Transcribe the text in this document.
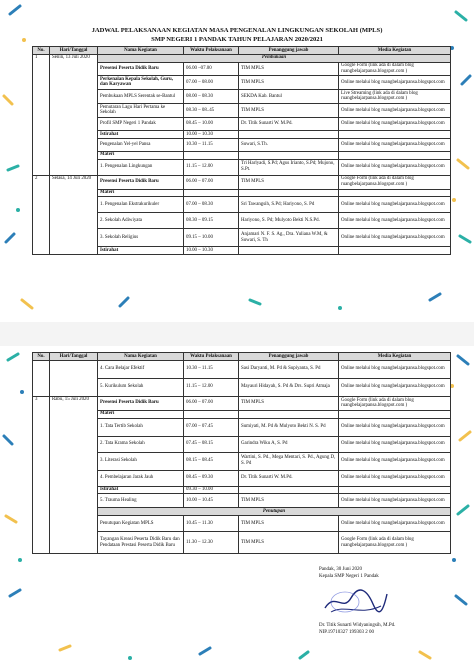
JADWAL PELAKSANAAN KEGIATAN MASA PENGENALAN LINGKUNGAN SEKOLAH (MPLS)
SMP NEGERI 1 PANDAK TAHUN PELAJARAN 2020/2021
No.	Hari/Tanggal	Nama Kegiatan	Waktu Pelaksanaan	Penanggung jawab	Media Kegiatan
1	Senin, 13 Juli 2020	Pembukaan			
		Presensi Peserta Didik Baru	06.00 –07.00	TIM MPLS	Google Form (link ada di dalam blog ruangbelajarpansa.blogspot.com )
		Perkenalan Kepala Sekolah, Guru, dan Karyawan	07.00 – 08.00	TIM MPLS	Online melalui blog ruangbelajarpansa.blogspot.com
		Pembukaan MPLS Serentak se-Bantul	08.00 – 08.30	SEKDA Kab. Bantul	Live Streaming (link ada di dalam blog ruangbelajarpansa.blogspot.com )
		Pemutaran Lagu Hari Pertama ke Sekolah	08.30 – 08..45	TIM MPLS	Online melalui blog ruangbelajarpansa.blogspot.com
		Profil SMP Negeri 1 Pandak	08.45 – 10.00	Dr. Titik Sunarti W. M.Pd.	Online melalui blog ruangbelajarpansa.blogspot.com
		Istirahat	10.00 – 10.30		
		Pengenalan Yel-yel Pansa	10.30 – 11.15	Suwari, S.Th.	Online melalui blog ruangbelajarpansa.blogspot.com
		Materi			
		1. Pengenalan Lingkungan	11.15 – 12.00	Tri Harlyadi, S.Pd; Agus Irianto, S.Pd; Mujono, S.Pt.	Online melalui blog ruangbelajarpansa.blogspot.com
2	Selasa, 14 Juli 2020	Presensi Peserta Didik Baru	06.00 – 07.00	TIM MPLS	Google Form (link ada di dalam blog ruangbelajarpansa.blogspot.com )
		Materi			
		1. Pengenalan Ekstrakurikuler	07.00 – 08.30	Sri Tawangsih, S.Pd; Hariyono, S. Pd	Online melalui blog ruangbelajarpansa.blogspot.com
		2. Sekolah Adiwiyata	08.30 – 09.15	Hariyono, S. Pd; Mulyoto Bekti N.S.Pd.	Online melalui blog ruangbelajarpansa.blogspot.com
		3. Sekolah Religius	09.15 – 10.00	Anjamari N. F. S. Ag., Dra. Yuliana W.M, & Suwari, S. Th	Online melalui blog ruangbelajarpansa.blogspot.com
		Istirahat	10.00 – 10.30		
No.	Hari/Tanggal	Nama Kegiatan	Waktu Pelaksanaan	Penanggung jawab	Media Kegiatan
		4. Cara Belajar Efektif	10.30 – 11.15	Sasi Daryanti, M. Pd & Supiyanta, S. Pd	Online melalui blog ruangbelajarpansa.blogspot.com
		5. Kurikulum Sekolah	11.15 – 12.00	Mayauri Hidayah, S. Pd & Drs. Supri Atmaja	Online melalui blog ruangbelajarpansa.blogspot.com
3	Rabu, 15 Juli 2020	Presensi Peserta Didik Baru	06.00 – 07.00	TIM MPLS	Google Form (link ada di dalam blog ruangbelajarpansa.blogspot.com )
		Materi			
		1. Tata Tertib Sekolah	07.00 – 07.45	Sumiyati, M. Pd & Mulyoto Bekti N. S. Pd	Online melalui blog ruangbelajarpansa.blogspot.com
		2. Tata Krama Sekolah	07.45 – 08.15	Garindra Wiku A, S. Pd	Online melalui blog ruangbelajarpansa.blogspot.com
		3. Literasi Sekolah	08.15 – 08.45	Wartini, S. Pd., Mega Mentari, S. Pd., Agung D, S. Pd	Online melalui blog ruangbelajarpansa.blogspot.com
		4. Pembelajaran Jarak Jauh	08.45 – 09.30	Dr. Titik Sunarti W. M.Pd.	Online melalui blog ruangbelajarpansa.blogspot.com
		Istirahat	09.30 – 10.00		
		5. Trauma Healing	10.00 – 10.45	TIM MPLS	Online melalui blog ruangbelajarpansa.blogspot.com
		Penutupan			
		Penutupan Kegiatan MPLS	10.45 – 11.30	TIM MPLS	Online melalui blog ruangbelajarpansa.blogspot.com
		Tayangan Kreasi Peserta Didik Baru dan Pendataan Prestasi Peserta Didik Baru	11.30 – 12.30	TIM MPLS	Google Form (link ada di dalam blog ruangbelajarpansa.blogspot.com )
Pandak, 30 Juni 2020
Kepala SMP Negeri 1 Pandak
Dr. Titik Sunarti Widyaningsih, M.Pd.
NIP.19710327 199303 2 00
